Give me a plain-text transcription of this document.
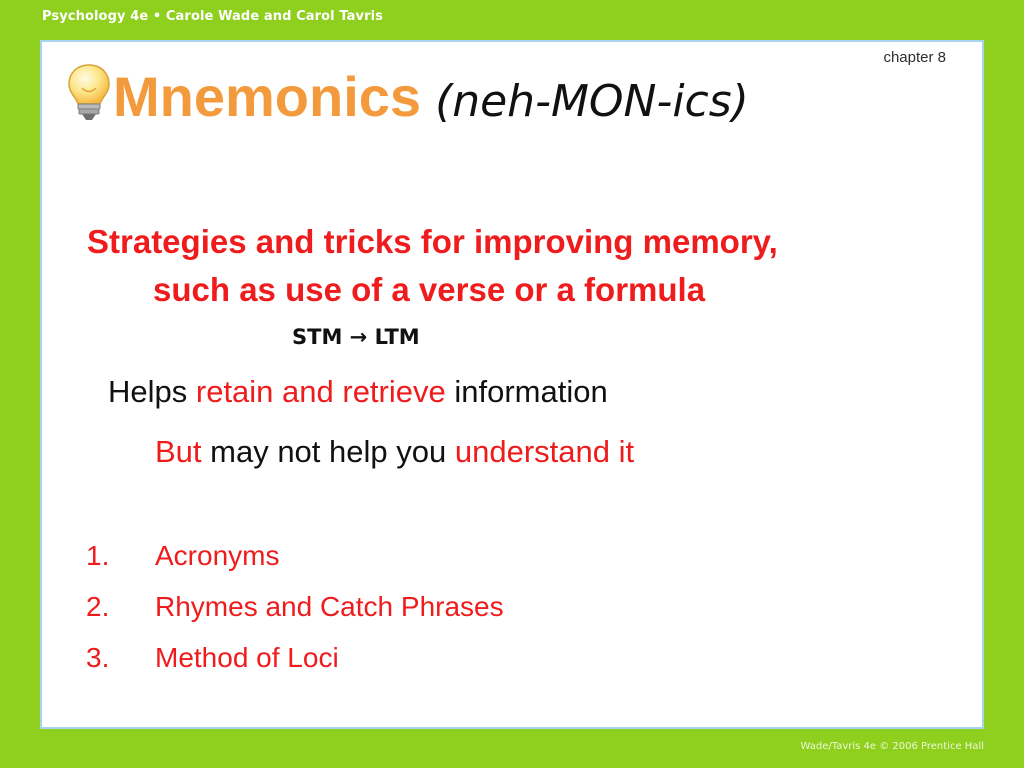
Psychology 4e • Carole Wade and Carol Tavris
chapter 8
Mnemonics (neh-MON-ics)
Strategies and tricks for improving memory,
such as use of a verse or a formula
STM → LTM
Helps retain and retrieve information
But may not help you understand it
1. Acronyms
2. Rhymes and Catch Phrases
3. Method of Loci
Wade/Tavris 4e © 2006 Prentice Hall
